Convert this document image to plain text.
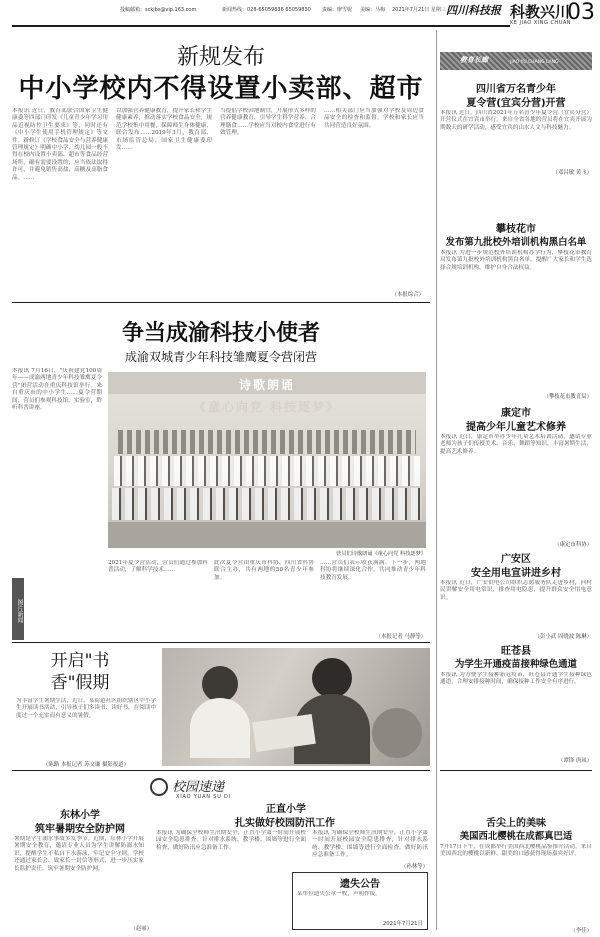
投稿邮箱：sckjbs@vip.163.com	新闻热线：028-65059836 65059830 责编：廖雪妮 美编：马梅 2021年7月21日 星期三 四川科技报 科教兴川
KE JIAO XING CHUAN
03
新规发布
中小学校内不得设置小卖部、超市
本报讯 近日，教育部联合国家卫生健康委等四部门印发《儿童青少年学习用品近视防控卫生要求》等，同时还有《中小学生使用手机管理规定》等文件。新修订《学校食品安全与营养健康管理规定》明确中小学、幼儿园一般不得在校内设置小卖部、超市等食品经营场所，确有需要设置的，应当依法取得许可，并避免销售高盐、高糖及高脂食品。……
以加强营养健康教育，提升家长和学生健康素养，推动落实学校食品安全，规范学校集中用餐，保障师生身体健康，联合发布……2019年3月，教育部、市场监管总局、国家卫生健康委印发……
当提倡学校因地制宜，开展形式多样的营养健康教育，引导学生科学营养、合理膳食……学校应当对校内食堂进行有效管理。
……相关部门应当加强对学校及周边食品安全的检查和监督。学校和家长应当共同营造良好氛围。
（本报综合）
争当成渝科技小使者
成渝双城青少年科技雏鹰夏令营闭营
本报讯 7月16日，"庆祝建党100周年——成渝两地青少年科技雏鹰夏令营"闭营活动在重庆科技馆举行。来自重庆市的中小学生……夏令营期间，营员们参观科技馆、实验室，聆听科普讲座。
诗歌朗诵
《童心向党 科技逐梦》
营员们诗歌朗诵《童心向党 科技逐梦》
2021年夏令营活动，营员们通过参加科普活动，了解科学技术……
此次夏令营由重庆市科协、四川省科协联合主办，共有两地的50名青少年参加。
……营员们表示收获满满。下一步，两地科协将继续深化合作，共同推动青少年科技教育发展。
（本报记者 马静等）
图片新闻
开启"书香"假期
为丰富学生暑期生活，近日，某街道社区组织辖区中小学生开展读书活动，引导孩子们多读书、读好书，在阅读中度过一个充实而有意义的暑假。
（陈路 本报记者 苏文谦 摄影报道）
校园速递
XIAO YUAN SU DI
东林小学
筑牢暑期安全防护网
暑期是学生溺水事故多发季节。近期，东林小学开展暑期安全教育，邀请专业人员为学生讲解防溺水知识，提醒学生不私自下水游泳，牢记安全守则。学校还通过家长会、致家长一封信等形式，进一步压实家长监护责任，筑牢暑期安全防护网。
（赵丽）
正直小学
扎实做好校园防汛工作
本报讯 为确保全校师生汛期安全，正直小学第一时间开展校园安全隐患排查，针对排水系统、教学楼、围墙等进行全面检查，做好防汛应急准备工作。
本报讯 为确保全校师生汛期安全，正直小学第一时间开展校园安全隐患排查，针对排水系统、教学楼、围墙等进行全面检查，做好防汛应急准备工作。
（孙林等）
遗失公告
某单位遗失公章一枚，声明作废。
2021年7月21日
教育长廊	JIAO YU CHANG LANG
四川省万名青少年
夏令营(宜宾分营)开营
本报讯 近日，四川省2021年万名青少年夏令营（宜宾分营）开营仪式在宜宾市举行。来自全省各地的营员将在宜宾开展为期数天的研学活动，感受宜宾的山水人文与科技魅力。
（邓昌敏 黄飞）
攀枝花市
发布第九批校外培训机构黑白名单
本报讯 为进一步规范校外培训机构办学行为，攀枝花市教育局发布第九批校外培训机构黑白名单，提醒广大家长和学生选择合规培训机构，维护自身合法权益。
（攀枝花市教育局）
康定市
提高少年儿童艺术修养
本报讯 近日，康定市举办少年儿童艺术培训活动，邀请专业老师为孩子们传授美术、音乐、舞蹈等知识，丰富暑期生活，提高艺术修养。
（康定市科协）
广安区
安全用电宣讲进乡村
本报讯 近日，广安供电公司组织志愿服务队走进乡村，向村民讲解安全用电常识，排查用电隐患，提升群众安全用电意识。
（彭小武 周晓波 陈琳）
旺苍县
为学生开通疫苗接种绿色通道
本报讯 为方便学生接种新冠疫苗，旺苍县开通学生接种绿色通道，合理安排接种时间，确保接种工作安全有序进行。
（谭锋 唐凤）
舌尖上的美味
美国西北樱桃在成都真巴适
7月17日下午，在成都举行美国西北樱桃品鉴推介活动，来自美国西北的樱桃以新鲜、甜美的口感获得现场嘉宾好评。
（李佳）
